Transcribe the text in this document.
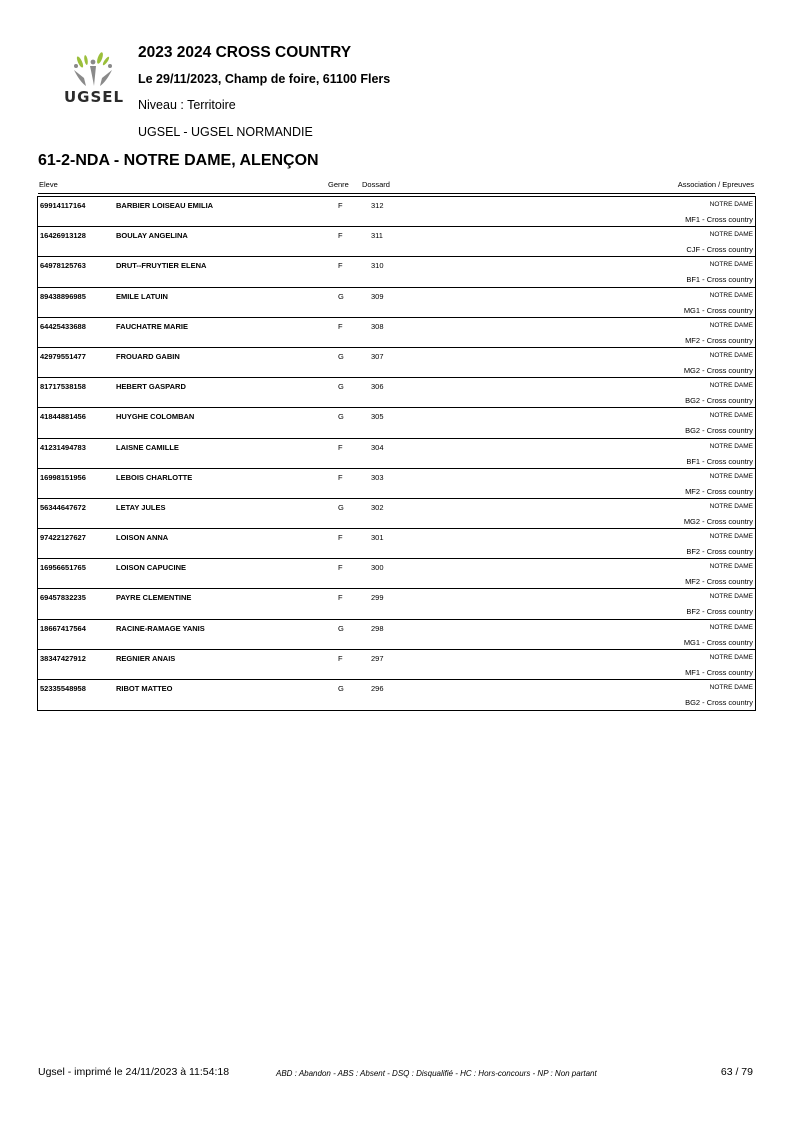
UGSEL
2023 2024 CROSS COUNTRY
Le 29/11/2023, Champ de foire, 61100 Flers
Niveau : Territoire
UGSEL - UGSEL NORMANDIE
61-2-NDA - NOTRE DAME, ALENÇON
Eleve	Genre Dossard	Association / Epreuves
69914117164	BARBIER LOISEAU EMILIA	F	312	NOTRE DAME
MF1 - Cross country
16426913128	BOULAY ANGELINA	F	311	NOTRE DAME
CJF - Cross country
64978125763	DRUT--FRUYTIER ELENA	F	310	NOTRE DAME
BF1 - Cross country
89438896985	EMILE LATUIN	G	309	NOTRE DAME
MG1 - Cross country
64425433688	FAUCHATRE MARIE	F	308	NOTRE DAME
MF2 - Cross country
42979551477	FROUARD GABIN	G	307	NOTRE DAME
MG2 - Cross country
81717538158	HEBERT GASPARD	G	306	NOTRE DAME
BG2 - Cross country
41844881456	HUYGHE COLOMBAN	G	305	NOTRE DAME
BG2 - Cross country
41231494783	LAISNE CAMILLE	F	304	NOTRE DAME
BF1 - Cross country
16998151956	LEBOIS CHARLOTTE	F	303	NOTRE DAME
MF2 - Cross country
56344647672	LETAY JULES	G	302	NOTRE DAME
MG2 - Cross country
97422127627	LOISON ANNA	F	301	NOTRE DAME
BF2 - Cross country
16956651765	LOISON CAPUCINE	F	300	NOTRE DAME
MF2 - Cross country
69457832235	PAYRE CLEMENTINE	F	299	NOTRE DAME
BF2 - Cross country
18667417564	RACINE-RAMAGE YANIS	G	298	NOTRE DAME
MG1 - Cross country
38347427912	REGNIER ANAIS	F	297	NOTRE DAME
MF1 - Cross country
52335548958	RIBOT MATTEO	G	296	NOTRE DAME
BG2 - Cross country
Ugsel - imprimé le 24/11/2023 à 11:54:18	ABD : Abandon - ABS : Absent - DSQ : Disqualifié - HC : Hors-concours - NP : Non partant	63 / 79
